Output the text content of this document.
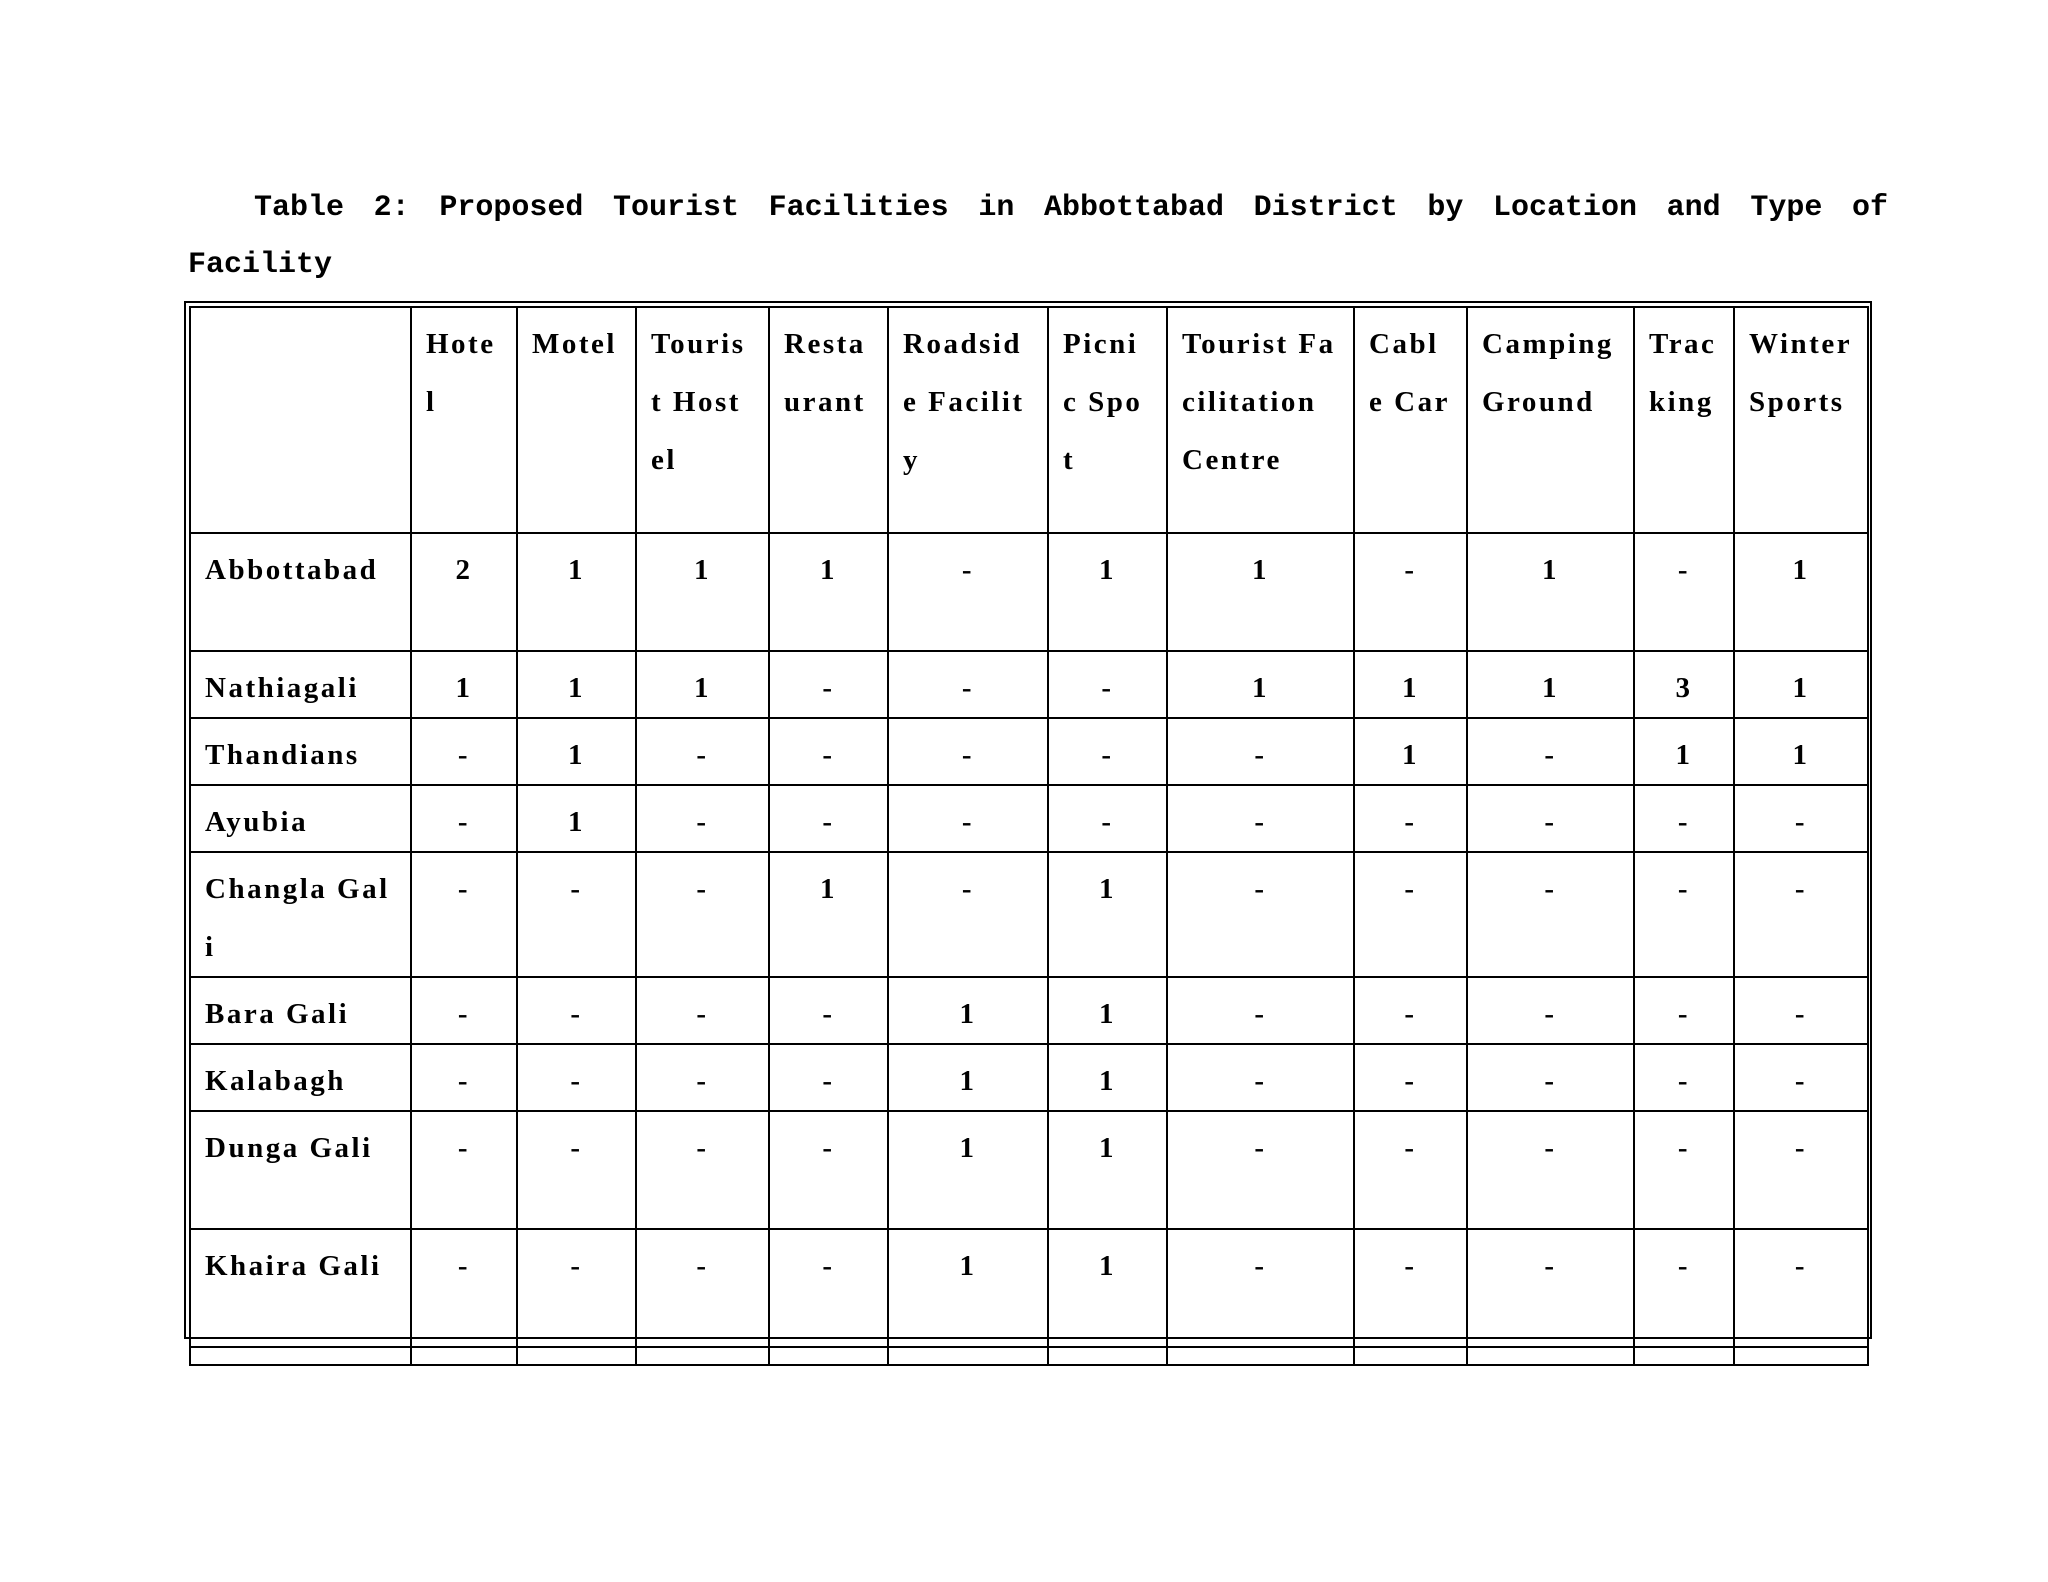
Table 2: Proposed Tourist Facilities in Abbottabad District by Location and Type of Facility
	Hotel	Motel	Tourist Hostel	Restaurant	Roadside Facility	Picnic Spot	Tourist Facilitation Centre	Cable Car	Camping Ground	Tracking	Winter Sports
Abbottabad	2	1	1	1	-	1	1	-	1	-	1
Nathiagali	1	1	1	-	-	-	1	1	1	3	1
Thandians	-	1	-	-	-	-	-	1	-	1	1
Ayubia	-	1	-	-	-	-	-	-	-	-	-
Changla Gali	-	-	-	1	-	1	-	-	-	-	-
Bara Gali	-	-	-	-	1	1	-	-	-	-	-
Kalabagh	-	-	-	-	1	1	-	-	-	-	-
Dunga Gali	-	-	-	-	1	1	-	-	-	-	-
Khaira Gali	-	-	-	-	1	1	-	-	-	-	-
